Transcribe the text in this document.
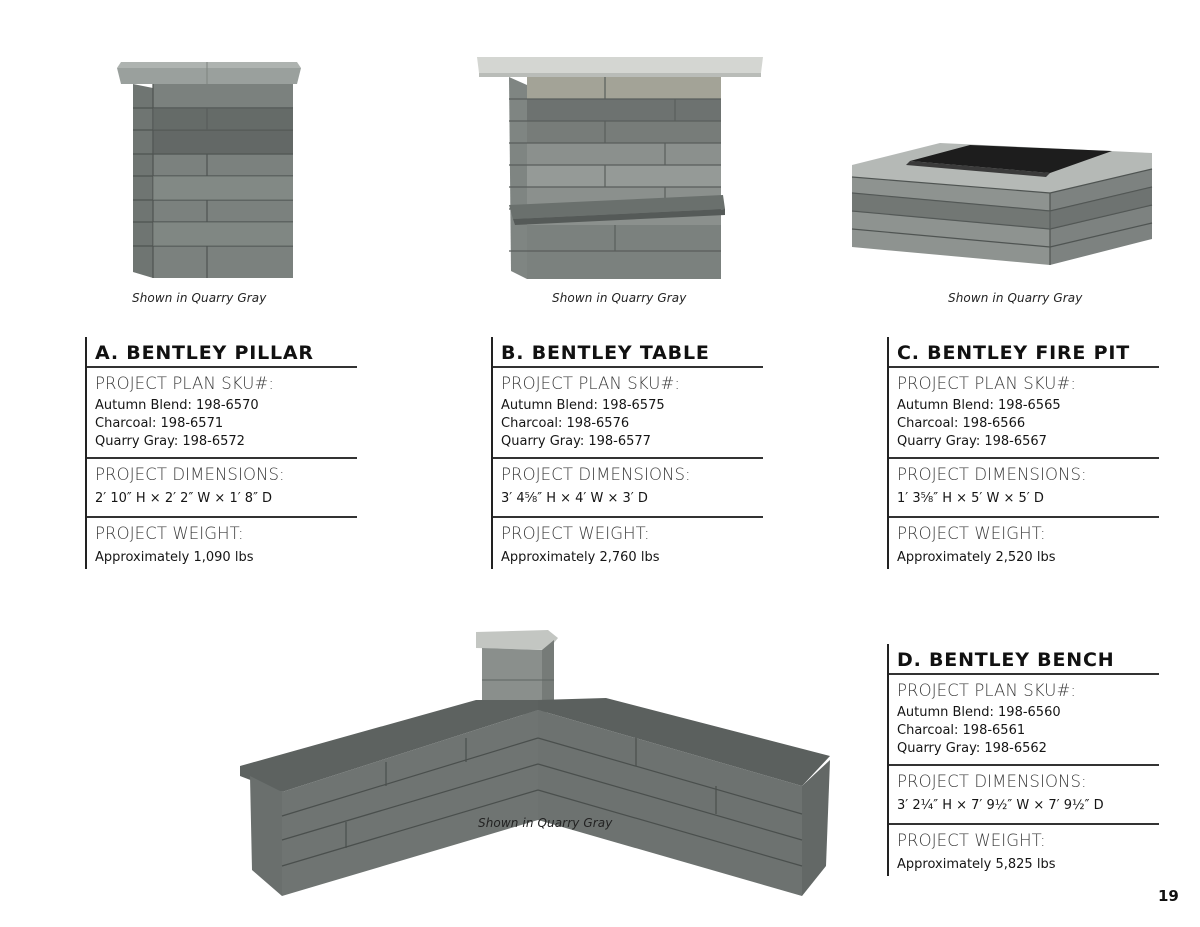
Shown in Quarry Gray	Shown in Quarry Gray	Shown in Quarry Gray
Shown in Quarry Gray
A. BENTLEY PILLAR
PROJECT PLAN SKU#:
Autumn Blend: 198-6570
Charcoal: 198-6571
Quarry Gray: 198-6572
PROJECT DIMENSIONS:
2′ 10″ H × 2′ 2″ W × 1′ 8″ D
PROJECT WEIGHT:
Approximately 1,090 lbs
B. BENTLEY TABLE
PROJECT PLAN SKU#:
Autumn Blend: 198-6575
Charcoal: 198-6576
Quarry Gray: 198-6577
PROJECT DIMENSIONS:
3′ 4⅝″ H × 4′ W × 3′ D
PROJECT WEIGHT:
Approximately 2,760 lbs
C. BENTLEY FIRE PIT
PROJECT PLAN SKU#:
Autumn Blend: 198-6565
Charcoal: 198-6566
Quarry Gray: 198-6567
PROJECT DIMENSIONS:
1′ 3⅝″ H × 5′ W × 5′ D
PROJECT WEIGHT:
Approximately 2,520 lbs
D. BENTLEY BENCH
PROJECT PLAN SKU#:
Autumn Blend: 198-6560
Charcoal: 198-6561
Quarry Gray: 198-6562
PROJECT DIMENSIONS:
3′ 2¼″ H × 7′ 9½″ W × 7′ 9½″ D
PROJECT WEIGHT:
Approximately 5,825 lbs
19
